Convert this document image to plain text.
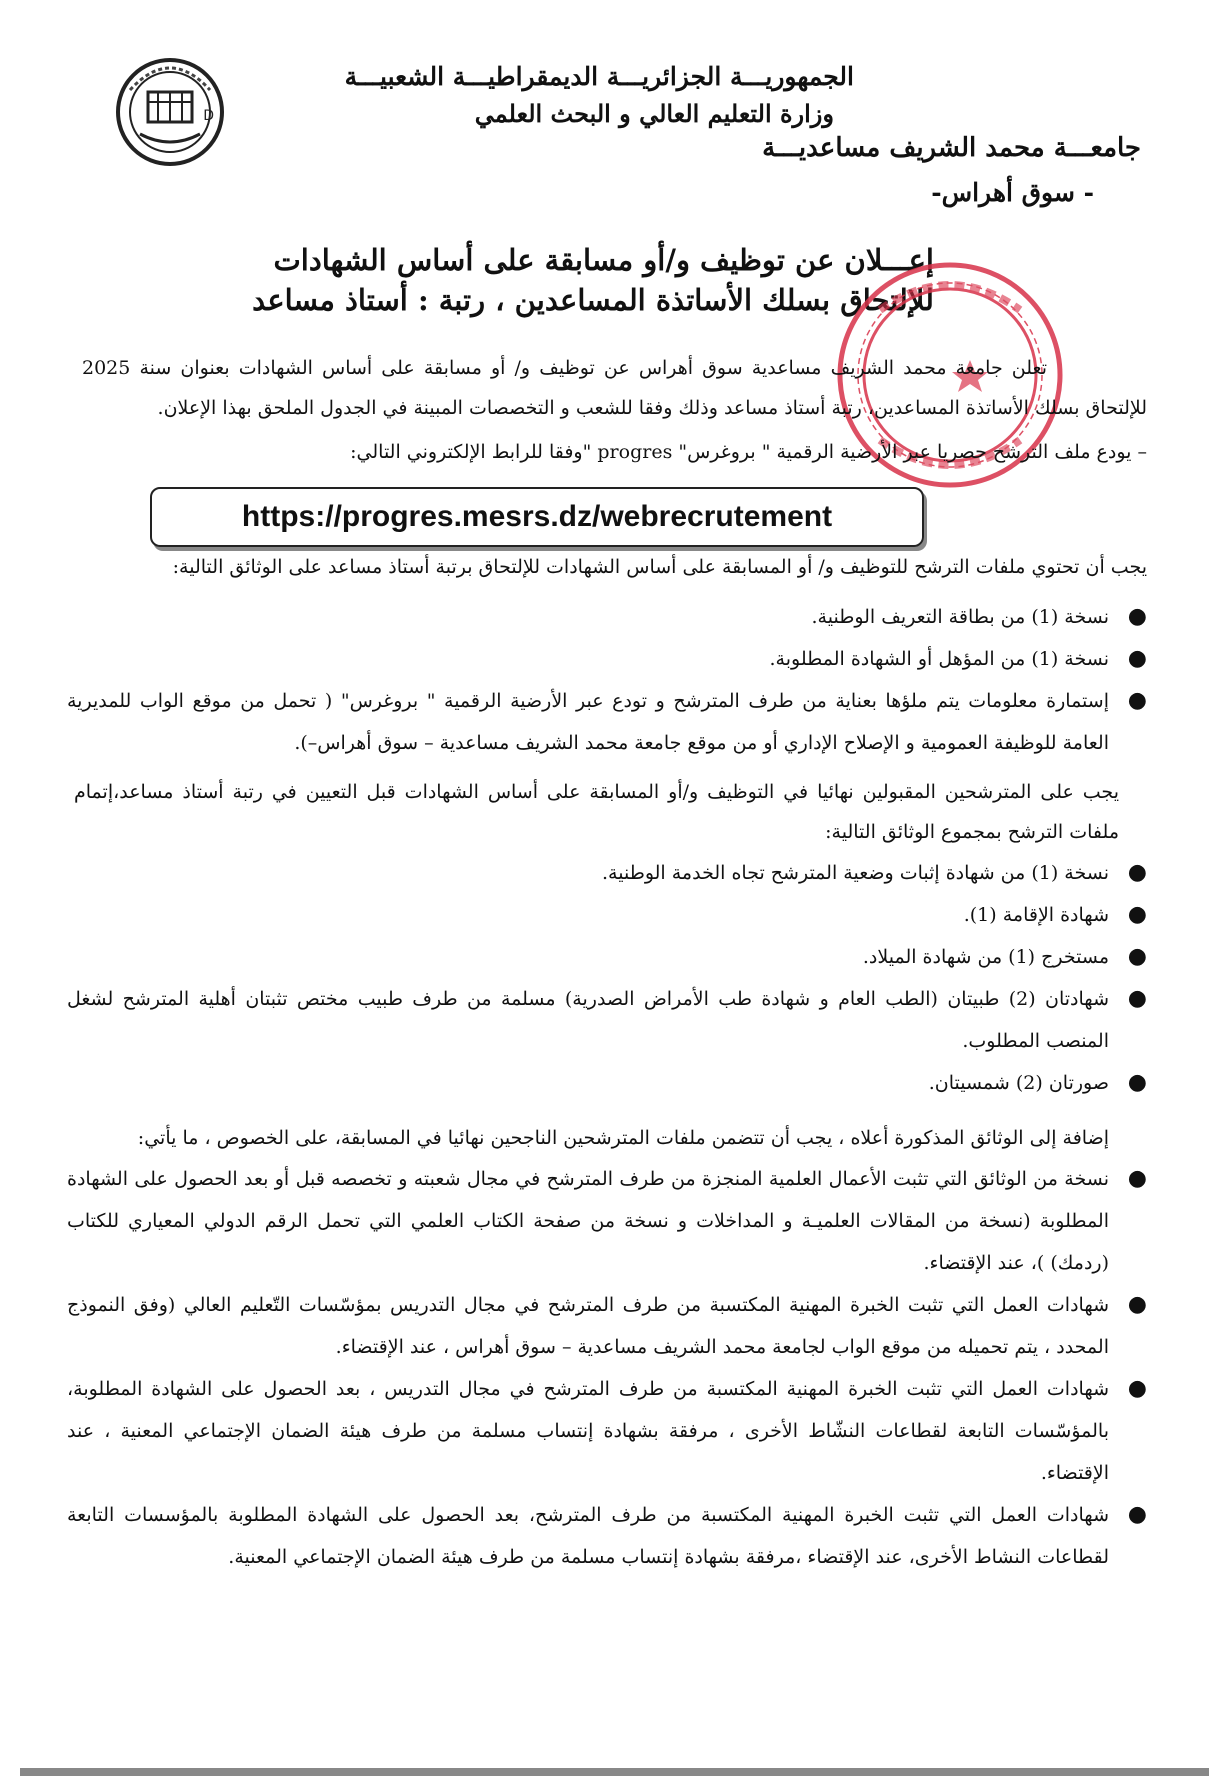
D
الجمهوريـــة الجزائريـــة الديمقراطيـــة الشعبيـــة
وزارة التعليم العالي و البحث العلمي
جامعـــة محمد الشريف مساعديـــة
- سوق أهراس-
إعـــلان عن توظيف و/أو مسابقة على أساس الشهادات
للإلتحاق بسلك الأساتذة المساعدين ، رتبة : أستاذ مساعد

تعلن جامعة محمد الشريف مساعدية سوق أهراس عن توظيف و/ أو مسابقة على أساس الشهادات بعنوان سنة 2025 للإلتحاق بسلك الأساتذة المساعدين، رتبة أستاذ مساعد وذلك وفقا للشعب و التخصصات المبينة في الجدول الملحق بهذا الإعلان.

– يودع ملف الترشح حصريا عبر الأرضية الرقمية " بروغرس" progres "وفقا للرابط الإلكتروني التالي:

https://progres.mesrs.dz/webrecrutement

يجب أن تحتوي ملفات الترشح للتوظيف و/ أو المسابقة على أساس الشهادات للإلتحاق برتبة أستاذ مساعد على الوثائق التالية:

●
نسخة (1) من بطاقة التعريف الوطنية.
●
نسخة (1) من المؤهل أو الشهادة المطلوبة.
●
إستمارة معلومات يتم ملؤها بعناية من طرف المترشح و تودع عبر الأرضية الرقمية " بروغرس" ( تحمل من موقع الواب للمديرية العامة للوظيفة العمومية و الإصلاح الإداري أو من موقع جامعة محمد الشريف مساعدية – سوق أهراس–).

يجب على المترشحين المقبولين نهائيا في التوظيف و/أو المسابقة على أساس الشهادات قبل التعيين في رتبة أستاذ مساعد،إتمام ملفات الترشح بمجموع الوثائق التالية:

●
نسخة (1) من شهادة إثبات وضعية المترشح تجاه الخدمة الوطنية.
●
شهادة الإقامة (1).
●
مستخرج (1) من شهادة الميلاد.
●
شهادتان (2) طبيتان (الطب العام و شهادة طب الأمراض الصدرية) مسلمة من طرف طبيب مختص تثبتان أهلية المترشح لشغل المنصب المطلوب.
●
صورتان (2) شمسيتان.

إضافة إلى الوثائق المذكورة أعلاه ، يجب أن تتضمن ملفات المترشحين الناجحين نهائيا في المسابقة، على الخصوص ، ما يأتي:

●
نسخة من الوثائق التي تثبت الأعمال العلمية المنجزة من طرف المترشح في مجال شعبته و تخصصه قبل أو بعد الحصول على الشهادة المطلوبة (نسخة من المقالات العلميـة و المداخلات و نسخة من صفحة الكتاب العلمي التي تحمل الرقم الدولي المعياري للكتاب (ردمك) )، عند الإقتضاء.
●
شهادات العمل التي تثبت الخبرة المهنية المكتسبة من طرف المترشح في مجال التدريس بمؤسّسات التّعليم العالي (وفق النموذج المحدد ، يتم تحميله من موقع الواب لجامعة محمد الشريف مساعدية – سوق أهراس ، عند الإقتضاء.
●
شهادات العمل التي تثبت الخبرة المهنية المكتسبة من طرف المترشح في مجال التدريس ، بعد الحصول على الشهادة المطلوبة، بالمؤسّسات التابعة لقطاعات النشّاط الأخرى ، مرفقة بشهادة إنتساب مسلمة من طرف هيئة الضمان الإجتماعي المعنية ، عند الإقتضاء.
●
شهادات العمل التي تثبت الخبرة المهنية المكتسبة من طرف المترشح، بعد الحصول على الشهادة المطلوبة بالمؤسسات التابعة لقطاعات النشاط الأخرى، عند الإقتضاء ،مرفقة بشهادة إنتساب مسلمة من طرف هيئة الضمان الإجتماعي المعنية.
